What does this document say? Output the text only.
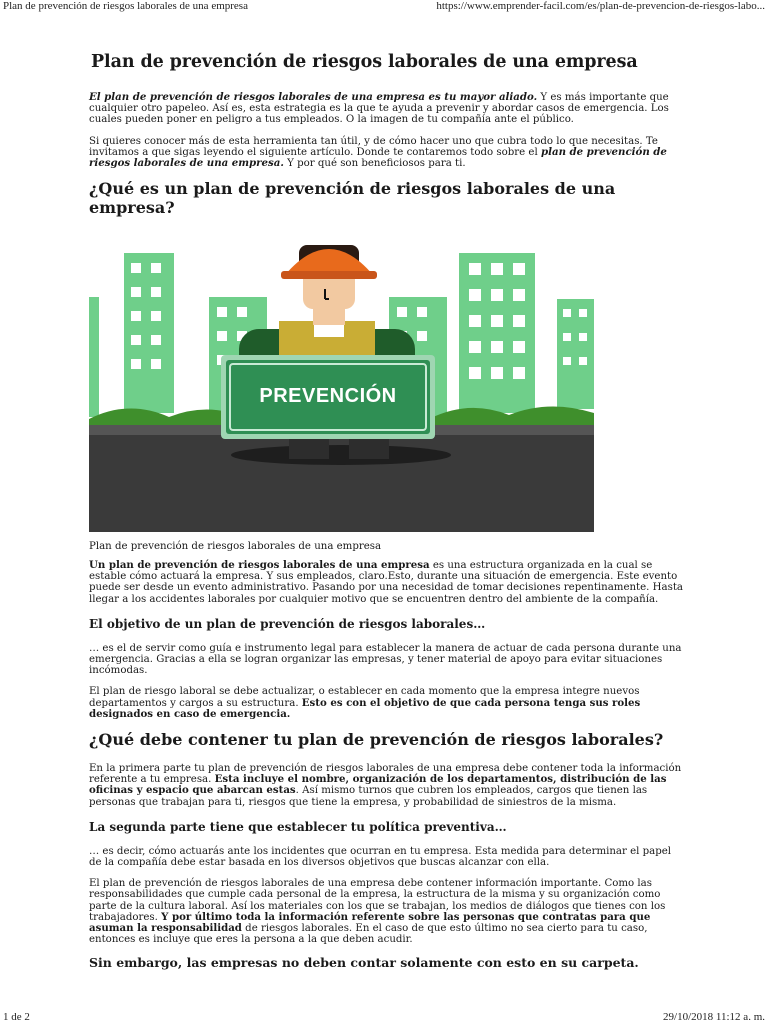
Plan de prevención de riesgos laborales de una empresa	https://www.emprender-facil.com/es/plan-de-prevencion-de-riesgos-labo...
Plan de prevención de riesgos laborales de una empresa

El plan de prevención de riesgos laborales de una empresa es tu mayor aliado. Y es más importante que cualquier otro papeleo. Así es, esta estrategia es la que te ayuda a prevenir y abordar casos de emergencia. Los cuales pueden poner en peligro a tus empleados. O la imagen de tu compañía ante el público.

Si quieres conocer más de esta herramienta tan útil, y de cómo hacer uno que cubra todo lo que necesitas. Te invitamos a que sigas leyendo el siguiente artículo. Donde te contaremos todo sobre el plan de prevención de riesgos laborales de una empresa. Y por qué son beneficiosos para ti.

¿Qué es un plan de prevención de riesgos laborales de una empresa?
PREVENCIÓN
Plan de prevención de riesgos laborales de una empresa

Un plan de prevención de riesgos laborales de una empresa es una estructura organizada en la cual se estable cómo actuará la empresa. Y sus empleados, claro.Esto, durante una situación de emergencia. Este evento puede ser desde un evento administrativo. Pasando por una necesidad de tomar decisiones repentinamente. Hasta llegar a los accidentes laborales por cualquier motivo que se encuentren dentro del ambiente de la compañía.

El objetivo de un plan de prevención de riesgos laborales…

… es el de servir como guía e instrumento legal para establecer la manera de actuar de cada persona durante una emergencia. Gracias a ella se logran organizar las empresas, y tener material de apoyo para evitar situaciones incómodas.

El plan de riesgo laboral se debe actualizar, o establecer en cada momento que la empresa integre nuevos departamentos y cargos a su estructura. Esto es con el objetivo de que cada persona tenga sus roles designados en caso de emergencia.

¿Qué debe contener tu plan de prevención de riesgos laborales?

En la primera parte tu plan de prevención de riesgos laborales de una empresa debe contener toda la información referente a tu empresa. Esta incluye el nombre, organización de los departamentos, distribución de las oficinas y espacio que abarcan estas. Así mismo turnos que cubren los empleados, cargos que tienen las personas que trabajan para ti, riesgos que tiene la empresa, y probabilidad de siniestros de la misma.

La segunda parte tiene que establecer tu política preventiva…

… es decir, cómo actuarás ante los incidentes que ocurran en tu empresa. Esta medida para determinar el papel de la compañía debe estar basada en los diversos objetivos que buscas alcanzar con ella.

El plan de prevención de riesgos laborales de una empresa debe contener información importante. Como las responsabilidades que cumple cada personal de la empresa, la estructura de la misma y su organización como parte de la cultura laboral. Así los materiales con los que se trabajan, los medios de diálogos que tienes con los trabajadores. Y por último toda la información referente sobre las personas que contratas para que asuman la responsabilidad de riesgos laborales. En el caso de que esto último no sea cierto para tu caso, entonces es incluye que eres la persona a la que deben acudir.

Sin embargo, las empresas no deben contar solamente con esto en su carpeta.
1 de 2	29/10/2018 11:12 a. m.
